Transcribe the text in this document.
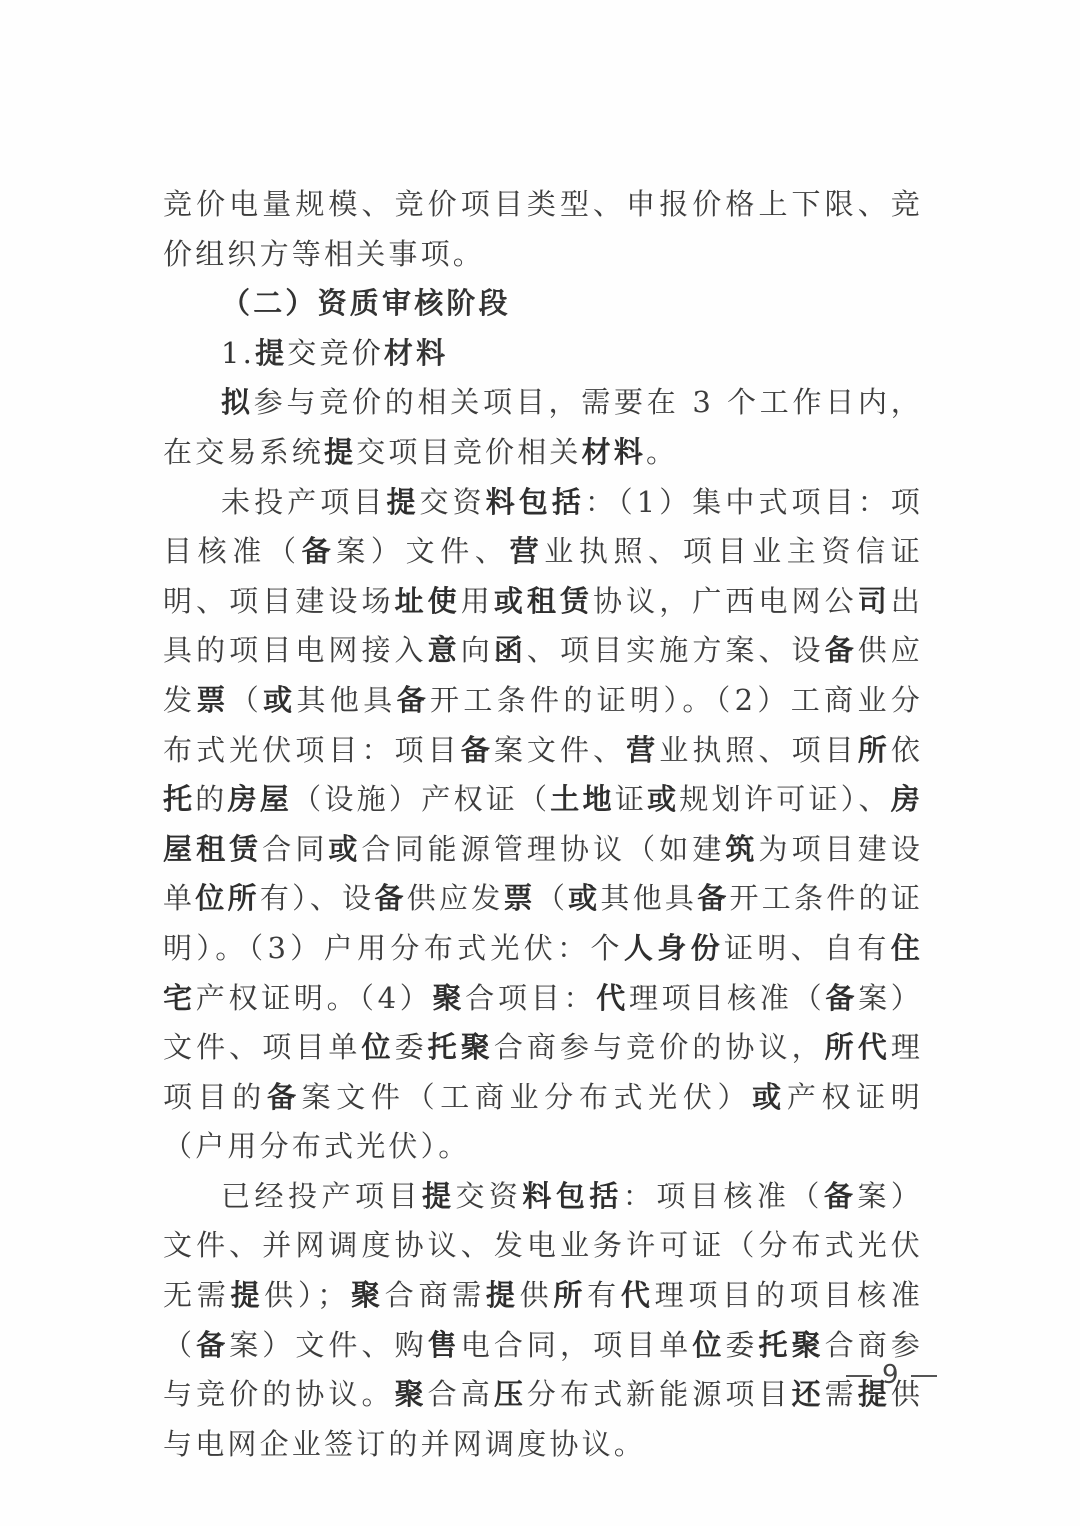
竞价电量规模、竞价项目类型、申报价格上下限、竞价组织方等相关事项。

（二）资质审核阶段

1.提交竞价材料

拟参与竞价的相关项目，需要在 3 个工作日内，在交易系统提交项目竞价相关材料。

未投产项目提交资料包括：（1）集中式项目：项目核准（备案）文件、营业执照、项目业主资信证明、项目建设场址使用或租赁协议，广西电网公司出具的项目电网接入意向函、项目实施方案、设备供应发票（或其他具备开工条件的证明）。（2）工商业分布式光伏项目：项目备案文件、营业执照、项目所依托的房屋（设施）产权证（土地证或规划许可证）、房屋租赁合同或合同能源管理协议（如建筑为项目建设单位所有）、设备供应发票（或其他具备开工条件的证明）。（3）户用分布式光伏：个人身份证明、自有住宅产权证明。（4）聚合项目：代理项目核准（备案）文件、项目单位委托聚合商参与竞价的协议，所代理项目的备案文件（工商业分布式光伏）或产权证明（户用分布式光伏）。

已经投产项目提交资料包括：项目核准（备案）文件、并网调度协议、发电业务许可证（分布式光伏无需提供）；聚合商需提供所有代理项目的项目核准（备案）文件、购售电合同，项目单位委托聚合商参与竞价的协议。聚合高压分布式新能源项目还需提供与电网企业签订的并网调度协议。

9
